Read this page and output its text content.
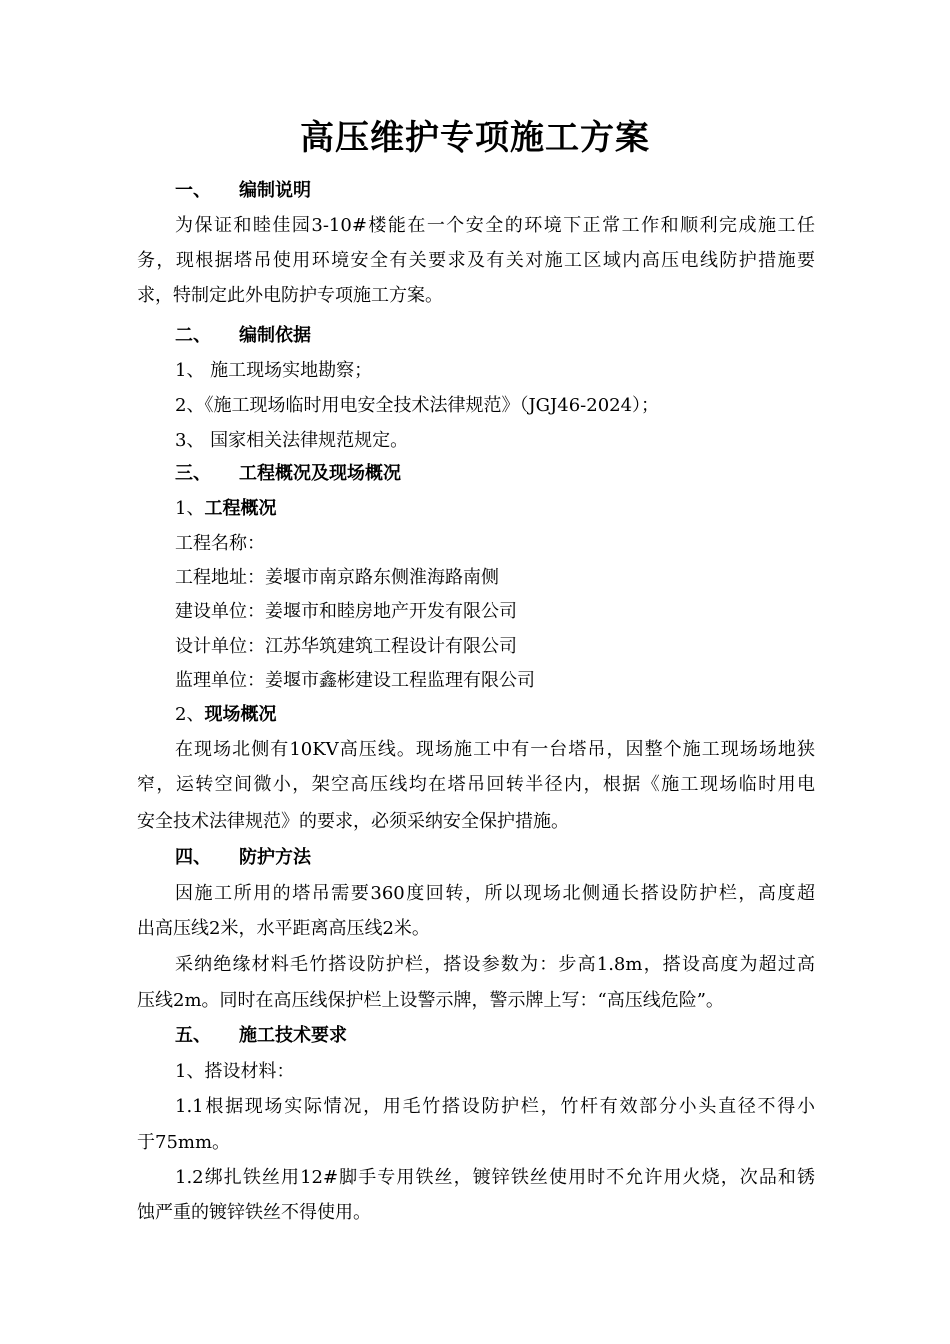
高压维护专项施工方案
一、 编制说明
为保证和睦佳园3-10#楼能在一个安全的环境下正常工作和顺利完成施工任
务，现根据塔吊使用环境安全有关要求及有关对施工区域内高压电线防护措施要
求，特制定此外电防护专项施工方案。
二、 编制依据
1、 施工现场实地勘察；
2、《施工现场临时用电安全技术法律规范》（JGJ46-2024）；
3、 国家相关法律规范规定。
三、 工程概况及现场概况
1、工程概况
工程名称：
工程地址：姜堰市南京路东侧淮海路南侧
建设单位：姜堰市和睦房地产开发有限公司
设计单位：江苏华筑建筑工程设计有限公司
监理单位：姜堰市鑫彬建设工程监理有限公司
2、现场概况
在现场北侧有10KV高压线。现场施工中有一台塔吊，因整个施工现场场地狭
窄，运转空间微小，架空高压线均在塔吊回转半径内，根据《施工现场临时用电
安全技术法律规范》的要求，必须采纳安全保护措施。
四、 防护方法
因施工所用的塔吊需要360度回转，所以现场北侧通长搭设防护栏，高度超
出高压线2米，水平距离高压线2米。
采纳绝缘材料毛竹搭设防护栏，搭设参数为：步高1.8m，搭设高度为超过高
压线2m。同时在高压线保护栏上设警示牌，警示牌上写：“高压线危险”。
五、 施工技术要求
1、搭设材料：
1.1根据现场实际情况，用毛竹搭设防护栏，竹杆有效部分小头直径不得小
于75mm。
1.2绑扎铁丝用12#脚手专用铁丝，镀锌铁丝使用时不允许用火烧，次品和锈
蚀严重的镀锌铁丝不得使用。
